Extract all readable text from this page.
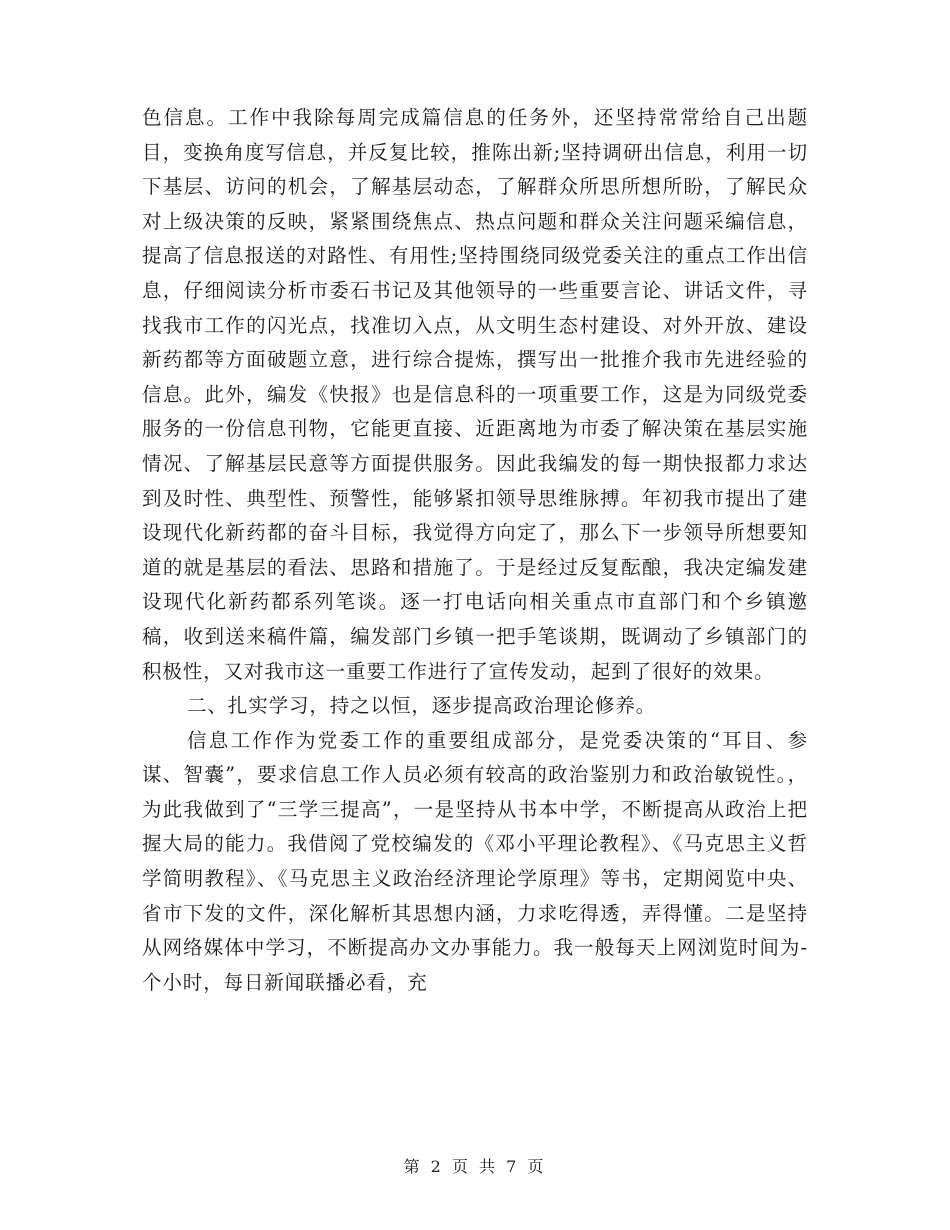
色信息。工作中我除每周完成篇信息的任务外，还坚持常常给自己出题目，变换角度写信息，并反复比较，推陈出新;坚持调研出信息，利用一切下基层、访问的机会，了解基层动态，了解群众所思所想所盼，了解民众对上级决策的反映，紧紧围绕焦点、热点问题和群众关注问题采编信息，提高了信息报送的对路性、有用性;坚持围绕同级党委关注的重点工作出信息，仔细阅读分析市委石书记及其他领导的一些重要言论、讲话文件，寻找我市工作的闪光点，找准切入点，从文明生态村建设、对外开放、建设新药都等方面破题立意，进行综合提炼，撰写出一批推介我市先进经验的信息。此外，编发《快报》也是信息科的一项重要工作，这是为同级党委服务的一份信息刊物，它能更直接、近距离地为市委了解决策在基层实施情况、了解基层民意等方面提供服务。因此我编发的每一期快报都力求达到及时性、典型性、预警性，能够紧扣领导思维脉搏。年初我市提出了建设现代化新药都的奋斗目标，我觉得方向定了，那么下一步领导所想要知道的就是基层的看法、思路和措施了。于是经过反复酝酿，我决定编发建设现代化新药都系列笔谈。逐一打电话向相关重点市直部门和个乡镇邀稿，收到送来稿件篇，编发部门乡镇一把手笔谈期，既调动了乡镇部门的积极性，又对我市这一重要工作进行了宣传发动，起到了很好的效果。

二、扎实学习，持之以恒，逐步提高政治理论修养。

信息工作作为党委工作的重要组成部分，是党委决策的“耳目、参谋、智囊”，要求信息工作人员必须有较高的政治鉴别力和政治敏锐性。，为此我做到了“三学三提高”，一是坚持从书本中学，不断提高从政治上把握大局的能力。我借阅了党校编发的《邓小平理论教程》、《马克思主义哲学简明教程》、《马克思主义政治经济理论学原理》等书，定期阅览中央、省市下发的文件，深化解析其思想内涵，力求吃得透，弄得懂。二是坚持从网络媒体中学习，不断提高办文办事能力。我一般每天上网浏览时间为-个小时，每日新闻联播必看，充

第 2 页 共 7 页
